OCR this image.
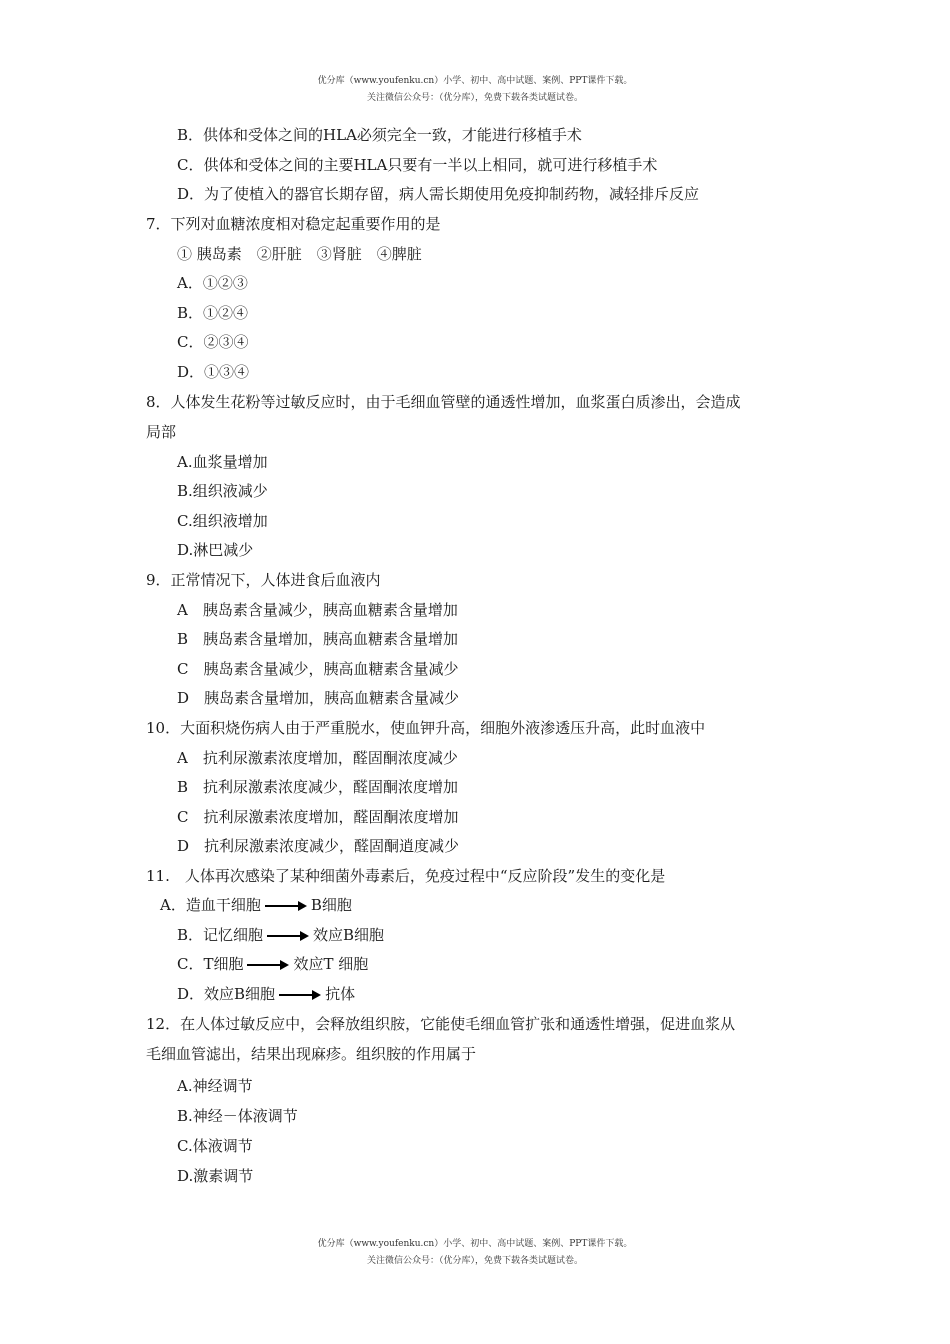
优分库（www.youfenku.cn）小学、初中、高中试题、案例、PPT课件下载。
关注微信公众号：（优分库），免费下载各类试题试卷。
B．供体和受体之间的HLA必须完全一致，才能进行移植手术
C．供体和受体之间的主要HLA只要有一半以上相同，就可进行移植手术
D．为了使植入的器官长期存留，病人需长期使用免疫抑制药物，减轻排斥反应
7．下列对血糖浓度相对稳定起重要作用的是
① 胰岛素　②肝脏　③肾脏　④脾脏
A．①②③
B．①②④
C．②③④
D．①③④
8．人体发生花粉等过敏反应时，由于毛细血管壁的通透性增加，血浆蛋白质渗出，会造成
局部
A.血浆量增加
B.组织液减少
C.组织液增加
D.淋巴减少
9．正常情况下，人体进食后血液内
A　胰岛素含量减少，胰高血糖素含量增加
B　胰岛素含量增加，胰高血糖素含量增加
C　胰岛素含量减少，胰高血糖素含量减少
D　胰岛素含量增加，胰高血糖素含量减少
10．大面积烧伤病人由于严重脱水，使血钾升高，细胞外液渗透压升高，此时血液中
A　抗利尿激素浓度增加，醛固酮浓度减少
B　抗利尿激素浓度减少，醛固酮浓度增加
C　抗利尿激素浓度增加，醛固酮浓度增加
D　抗利尿激素浓度减少，醛固酮逍度减少
11.　人体再次感染了某种细菌外毒素后，免疫过程中“反应阶段”发生的变化是
A．造血干细胞	B细胞
B．记忆细胞	效应B细胞
C．T细胞	效应T 细胞
D．效应B细胞	抗体
12．在人体过敏反应中，会释放组织胺，它能使毛细血管扩张和通透性增强，促进血浆从
毛细血管滤出，结果出现麻疹。组织胺的作用属于
A.神经调节
B.神经－体液调节
C.体液调节
D.激素调节
优分库（www.youfenku.cn）小学、初中、高中试题、案例、PPT课件下载。
关注微信公众号：（优分库），免费下载各类试题试卷。
